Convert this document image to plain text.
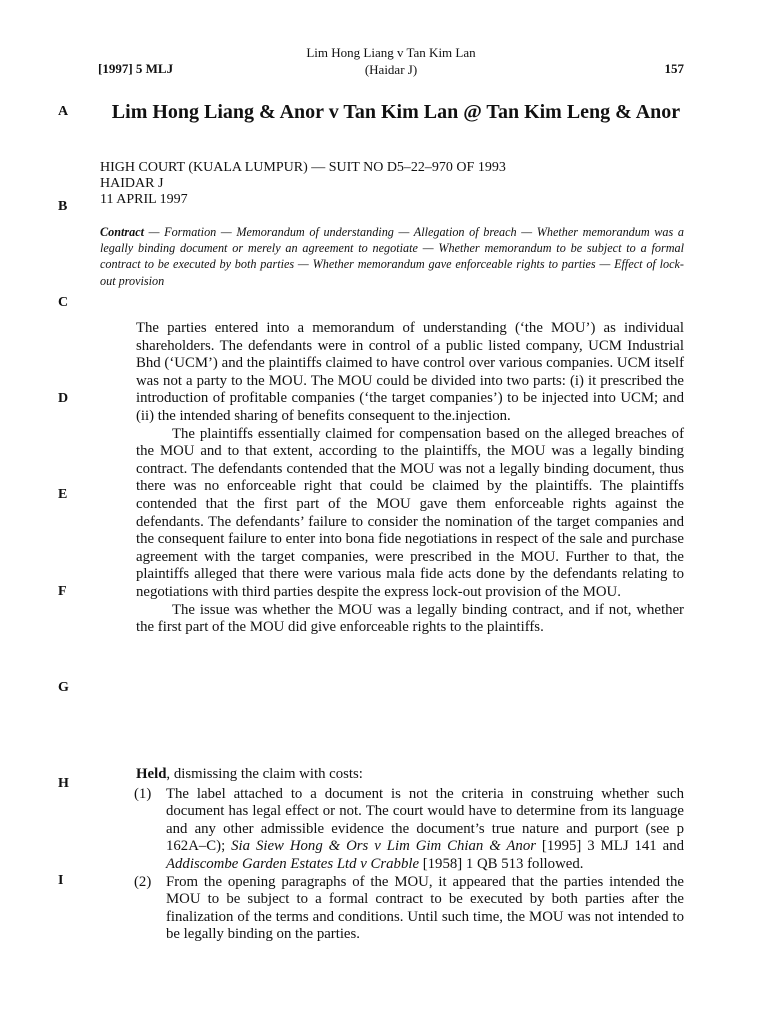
[1997] 5 MLJ
Lim Hong Liang v Tan Kim Lan
(Haidar J)	157
A
B
C
D
E
F
G
H
I
Lim Hong Liang & Anor v Tan Kim Lan @ Tan Kim Leng & Anor
HIGH COURT (KUALA LUMPUR) — SUIT NO D5–22–970 OF 1993
HAIDAR J
11 APRIL 1997
Contract — Formation — Memorandum of understanding — Allegation of breach — Whether memorandum was a legally binding document or merely an agreement to negotiate — Whether memorandum to be subject to a formal contract to be executed by both parties — Whether memorandum gave enforceable rights to parties — Effect of lock-out provision

The parties entered into a memorandum of understanding (‘the MOU’) as individual shareholders. The defendants were in control of a public listed company, UCM Industrial Bhd (‘UCM’) and the plaintiffs claimed to have control over various companies. UCM itself was not a party to the MOU. The MOU could be divided into two parts: (i) it prescribed the introduction of profitable companies (‘the target companies’) to be injected into UCM; and (ii) the intended sharing of benefits consequent to the.injection.

The plaintiffs essentially claimed for compensation based on the alleged breaches of the MOU and to that extent, according to the plaintiffs, the MOU was a legally binding contract. The defendants contended that the MOU was not a legally binding document, thus there was no enforceable right that could be claimed by the plaintiffs. The plaintiffs contended that the first part of the MOU gave them enforceable rights against the defendants. The defendants’ failure to consider the nomination of the target companies and the consequent failure to enter into bona fide negotiations in respect of the sale and purchase agreement with the target companies, were prescribed in the MOU. Further to that, the plaintiffs alleged that there were various mala fide acts done by the defendants relating to negotiations with third parties despite the express lock-out provision of the MOU.

The issue was whether the MOU was a legally binding contract, and if not, whether the first part of the MOU did give enforceable rights to the plaintiffs.

Held, dismissing the claim with costs:

(1) The label attached to a document is not the criteria in construing whether such document has legal effect or not. The court would have to determine from its language and any other admissible evidence the document’s true nature and purport (see p 162A–C); Sia Siew Hong & Ors v Lim Gim Chian & Anor [1995] 3 MLJ 141 and Addiscombe Garden Estates Ltd v Crabble [1958] 1 QB 513 followed.

(2) From the opening paragraphs of the MOU, it appeared that the parties intended the MOU to be subject to a formal contract to be executed by both parties after the finalization of the terms and conditions. Until such time, the MOU was not intended to be legally binding on the parties.
